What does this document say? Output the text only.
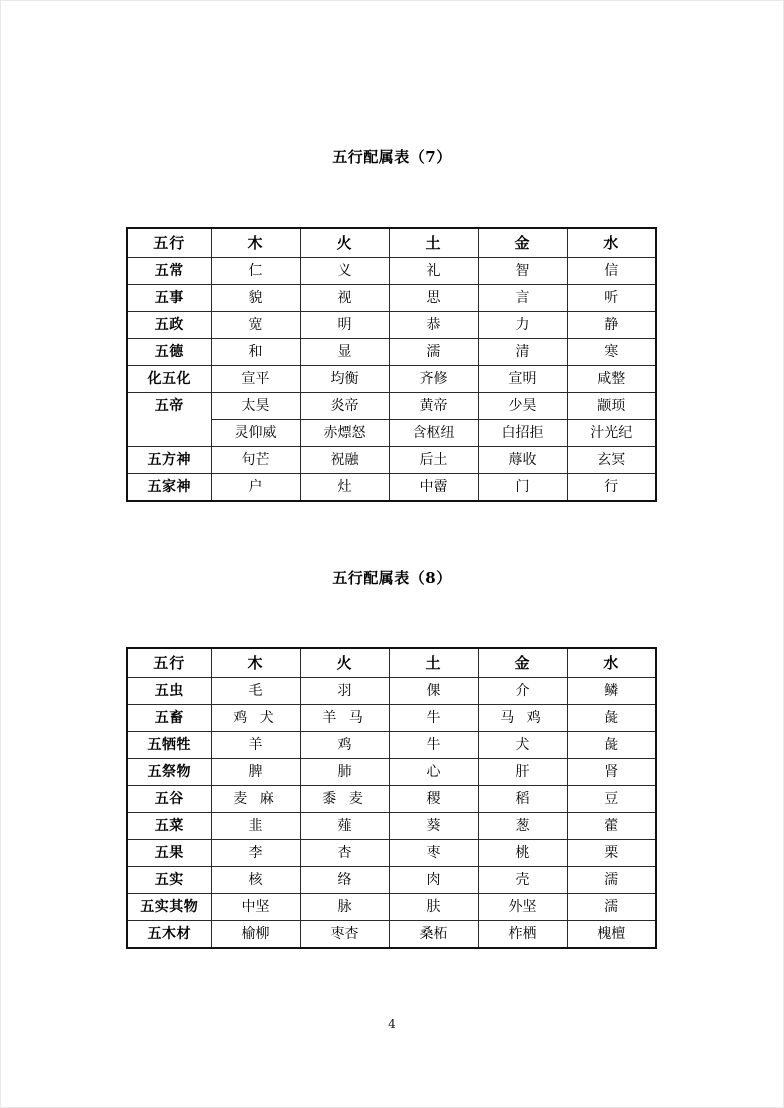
五行配属表（7）
五行	木	火	土	金	水
五常	仁	义	礼	智	信
五事	貌	视	思	言	听
五政	宽	明	恭	力	静
五德	和	显	濡	清	寒
化五化	宣平	均衡	齐修	宣明	咸整
五帝	太昊	炎帝	黄帝	少昊	颛顼
	灵仰威	赤熛怒	含枢纽	白招拒	汁光纪
五方神	句芒	祝融	后土	蓐收	玄冥
五家神	户	灶	中霤	门	行
五行配属表（8）
五行	木	火	土	金	水
五虫	毛	羽	倮	介	鳞
五畜	鸡 犬	羊 马	牛	马 鸡	彘
五牺牲	羊	鸡	牛	犬	彘
五祭物	脾	肺	心	肝	肾
五谷	麦 麻	黍 麦	稷	稻	豆
五菜	韭	薤	葵	葱	藿
五果	李	杏	枣	桃	栗
五实	核	络	肉	壳	濡
五实其物	中坚	脉	肤	外坚	濡
五木材	榆柳	枣杏	桑柘	柞栖	槐檀
4
